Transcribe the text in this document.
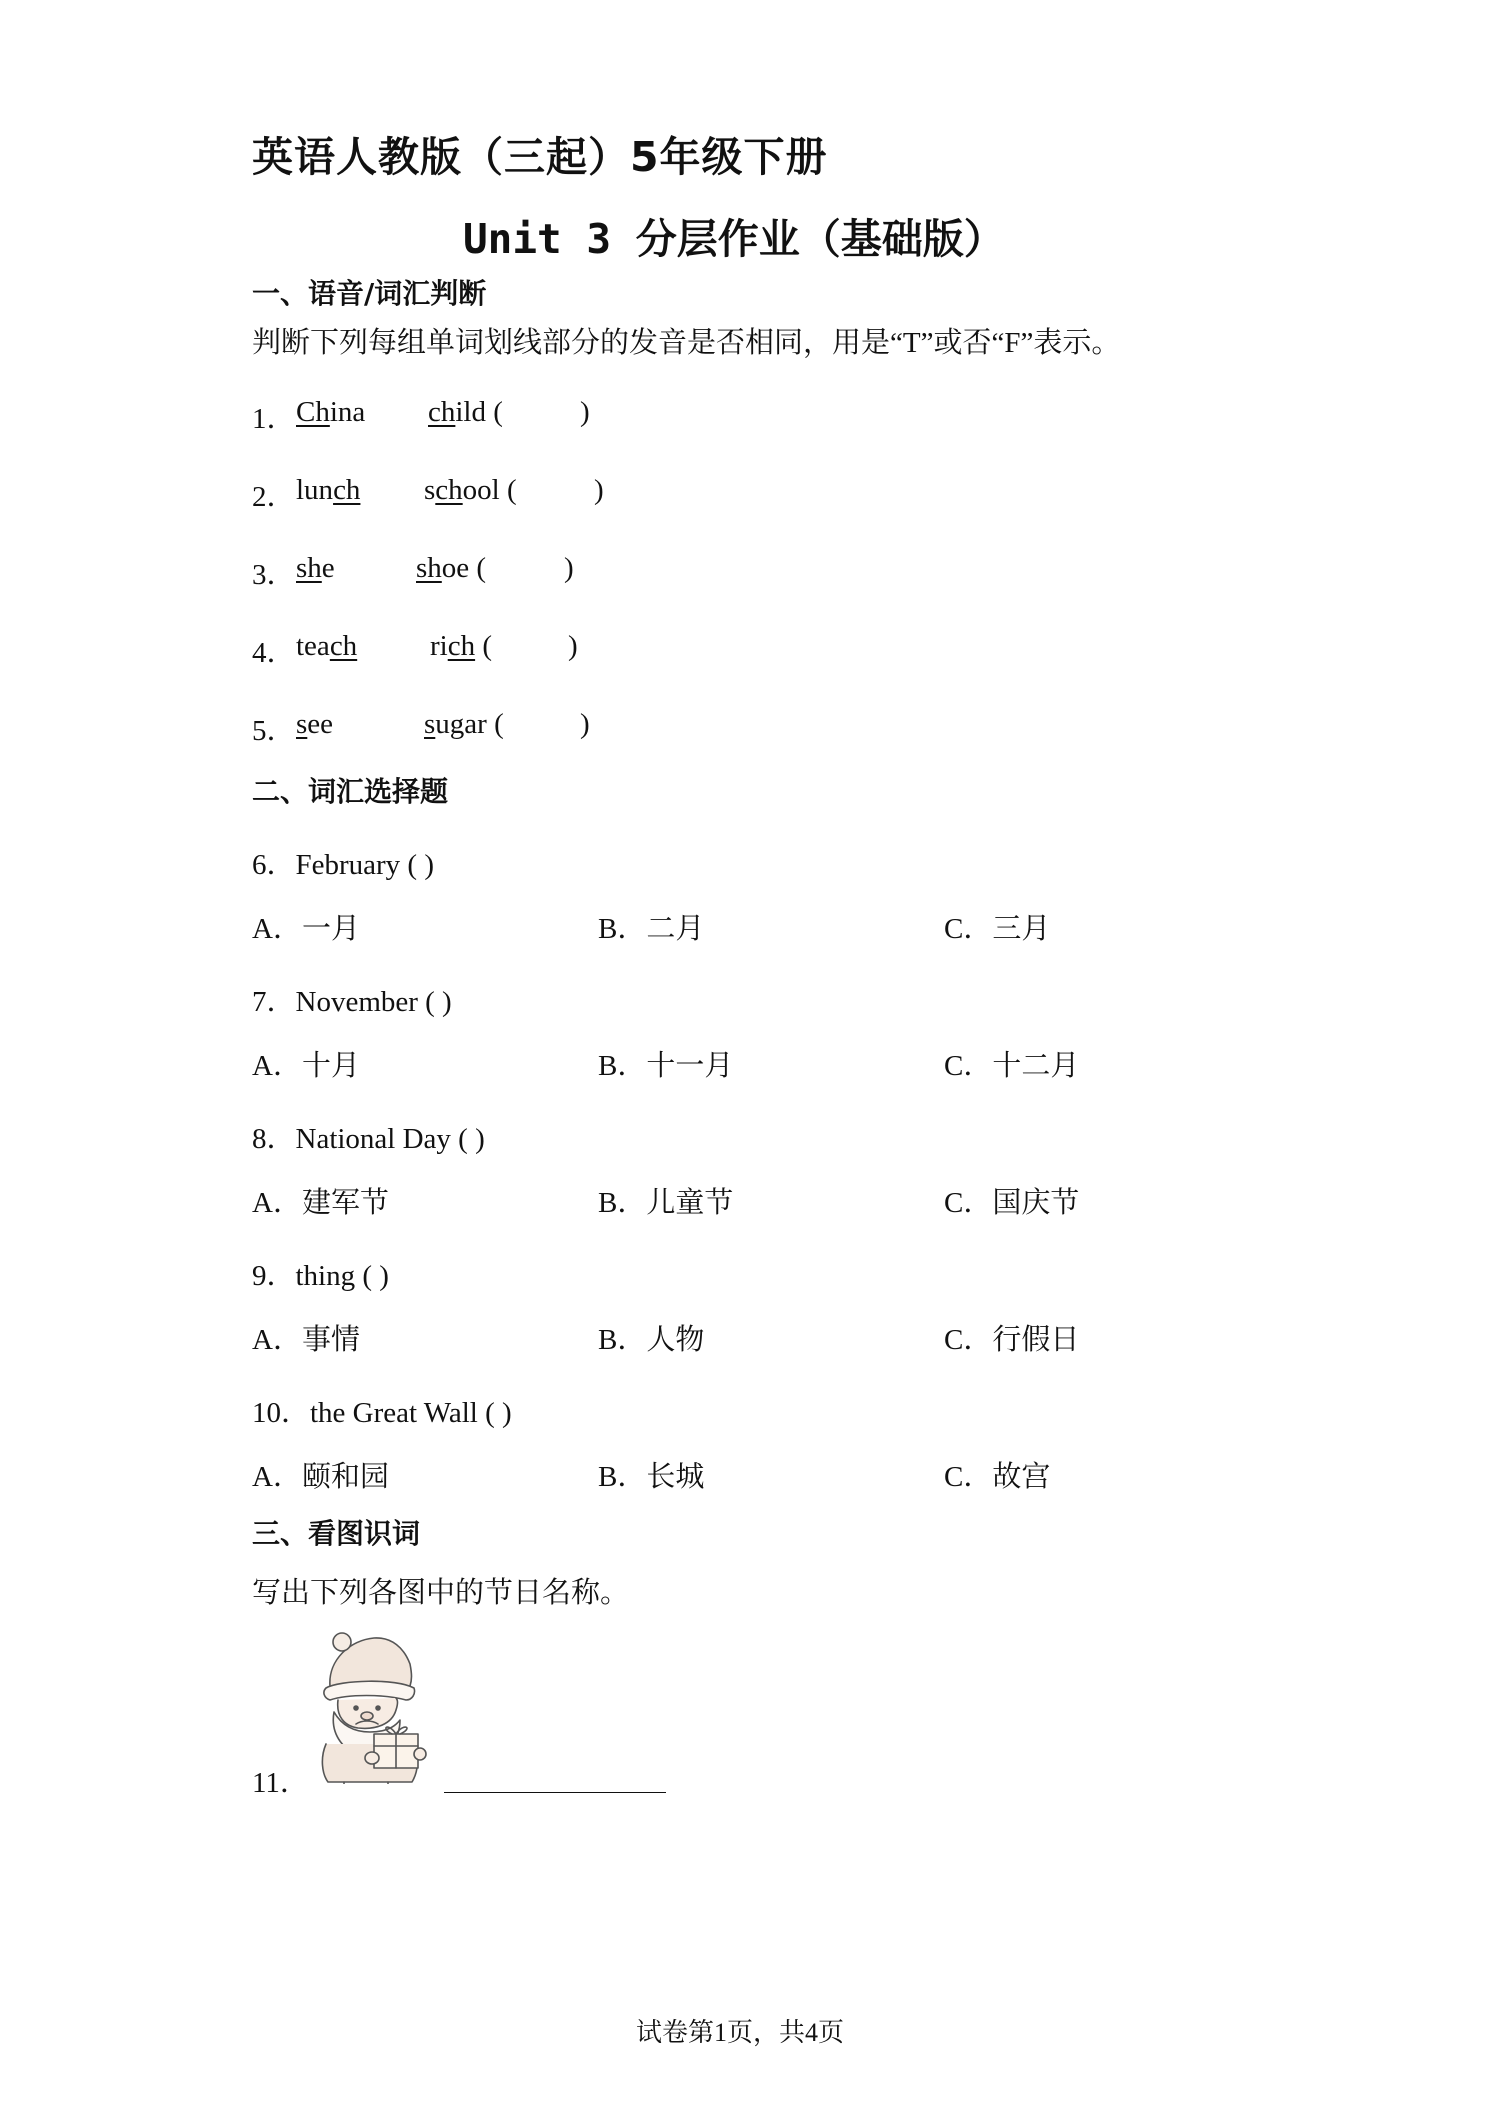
英语人教版（三起）5年级下册
Unit 3 分层作业（基础版）
一、语音/词汇判断
判断下列每组单词划线部分的发音是否相同，用是“T”或否“F”表示。
1． China child (	)
2． lunch school (	)
3． she	shoe (	)
4． teach	rich (	)
5． see	sugar (	)
二、词汇选择题
6．February ( )
A．一月	B．二月	C．三月
7．November ( )
A．十月	B．十一月	C．十二月
8．National Day ( )
A．建军节	B．儿童节	C．国庆节
9．thing ( )
A．事情	B．人物	C．行假日
10．the Great Wall ( )
A．颐和园	B．长城	C．故宫
三、看图识词
写出下列各图中的节日名称。
11．
试卷第1页，共4页
